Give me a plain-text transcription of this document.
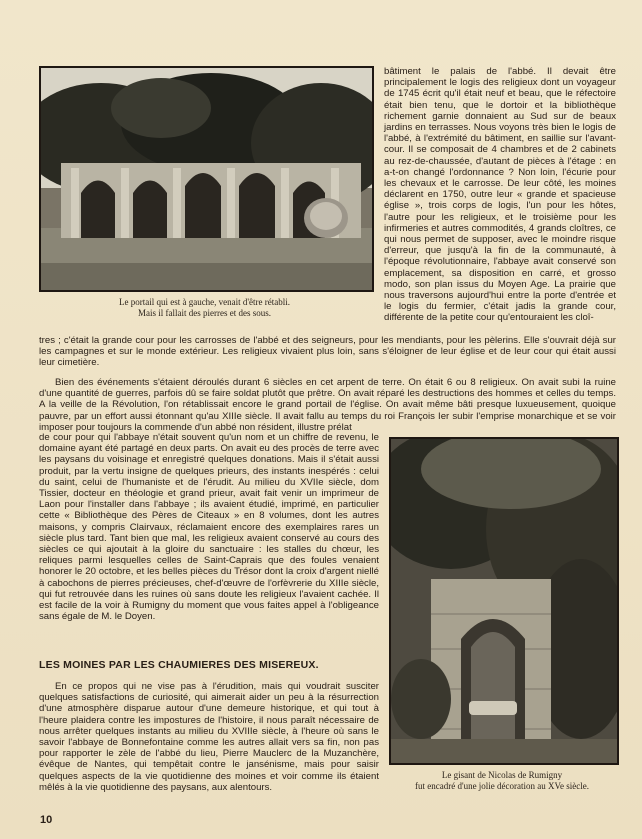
Le portail qui est à gauche, venait d'être rétabli.
Mais il fallait des pierres et des sous.

bâtiment le palais de l'abbé. Il devait être principalement le logis des religieux dont un voyageur de 1745 écrit qu'il était neuf et beau, que le réfectoire était bien tenu, que le dortoir et la bibliothèque richement garnie donnaient au Sud sur de beaux jardins en terrasses. Nous voyons très bien le logis de l'abbé, à l'extrémité du bâtiment, en saillie sur l'avant-cour. Il se composait de 4 chambres et de 2 cabinets au rez-de-chaussée, d'autant de pièces à l'étage : en a-t-on changé l'ordonnance ? Non loin, l'écurie pour les chevaux et le carrosse. De leur côté, les moines déclarent en 1750, outre leur « grande et spacieuse église », trois corps de logis, l'un pour les hôtes, l'autre pour les religieux, et le troisième pour les infirmeries et autres commodités, 4 grands cloîtres, ce qui nous permet de supposer, avec le moindre risque d'erreur, que jusqu'à la fin de la communauté, à l'époque révolutionnaire, l'abbaye avait conservé son emplacement, sa disposition en carré, et grosso modo, son plan issus du Moyen Age. La prairie que nous traversons aujourd'hui entre la porte d'entrée et le logis du fermier, c'était jadis la grande cour, différente de la petite cour qu'entouraient les cloî-

tres ; c'était la grande cour pour les carrosses de l'abbé et des seigneurs, pour les mendiants, pour les pèlerins. Elle s'ouvrait déjà sur les campagnes et sur le monde extérieur. Les religieux vivaient plus loin, sans s'éloigner de leur église et de leur cour qui était aussi leur cimetière.

Bien des événements s'étaient déroulés durant 6 siècles en cet arpent de terre. On était 6 ou 8 religieux. On avait subi la ruine d'une quantité de guerres, parfois dû se faire soldat plutôt que prêtre. On avait réparé les destructions des hommes et celles du temps. A la veille de la Révolution, l'on rétablissait encore le grand portail de l'église. On avait même bâti presque luxueusement, quoique pauvre, par un effort aussi étonnant qu'au XIIIe siècle. Il avait fallu au temps du roi François Ier subir l'emprise monarchique et se voir imposer pour toujours la commende d'un abbé non résident, illustre prélat

de cour pour qui l'abbaye n'était souvent qu'un nom et un chiffre de revenu, le domaine ayant été partagé en deux parts. On avait eu des procès de terre avec les paysans du voisinage et enregistré quelques donations. Mais il s'était aussi produit, par la vertu insigne de quelques prieurs, des instants inespérés : celui du saint, celui de l'humaniste et de l'érudit. Au milieu du XVIIe siècle, dom Tissier, docteur en théologie et grand prieur, avait fait venir un imprimeur de Laon pour l'installer dans l'abbaye ; ils avaient étudié, imprimé, en particulier cette « Bibliothèque des Pères de Citeaux » en 8 volumes, dont les autres maisons, y compris Clairvaux, réclamaient encore des exemplaires rares un siècle plus tard. Tant bien que mal, les religieux avaient conservé au cours des siècles ce qui ajoutait à la gloire du sanctuaire : les stalles du chœur, les reliques parmi lesquelles celles de Saint-Caprais que des foules venaient honorer le 20 octobre, et les belles pièces du Trésor dont la croix d'argent niellé à cabochons de pierres précieuses, chef-d'œuvre de l'orfèvrerie du XIIIe siècle, qui fut retrouvée dans les ruines où sans doute les religieux l'avaient cachée. Il est facile de la voir à Rumigny du moment que vous faites appel à l'obligeance sans égale de M. le Doyen.

Le gisant de Nicolas de Rumigny
fut encadré d'une jolie décoration au XVe siècle.

LES MOINES PAR LES CHAUMIERES DES MISEREUX.

En ce propos qui ne vise pas à l'érudition, mais qui voudrait susciter quelques satisfactions de curiosité, qui aimerait aider un peu à la résurrection d'une atmosphère disparue autour d'une demeure historique, et qui tout à l'heure plaidera contre les impostures de l'histoire, il nous paraît nécessaire de nous arrêter quelques instants au milieu du XVIIIe siècle, à l'heure où sans le savoir l'abbaye de Bonnefontaine comme les autres allait vers sa fin, non pas pour rapporter le zèle de l'abbé du lieu, Pierre Mauclerc de la Muzanchère, évêque de Nantes, qui tempêtait contre le jansénisme, mais pour saisir quelques aspects de la vie quotidienne des moines et voir comme ils étaient mêlés à la vie quotidienne des paysans, aux alentours.

10
